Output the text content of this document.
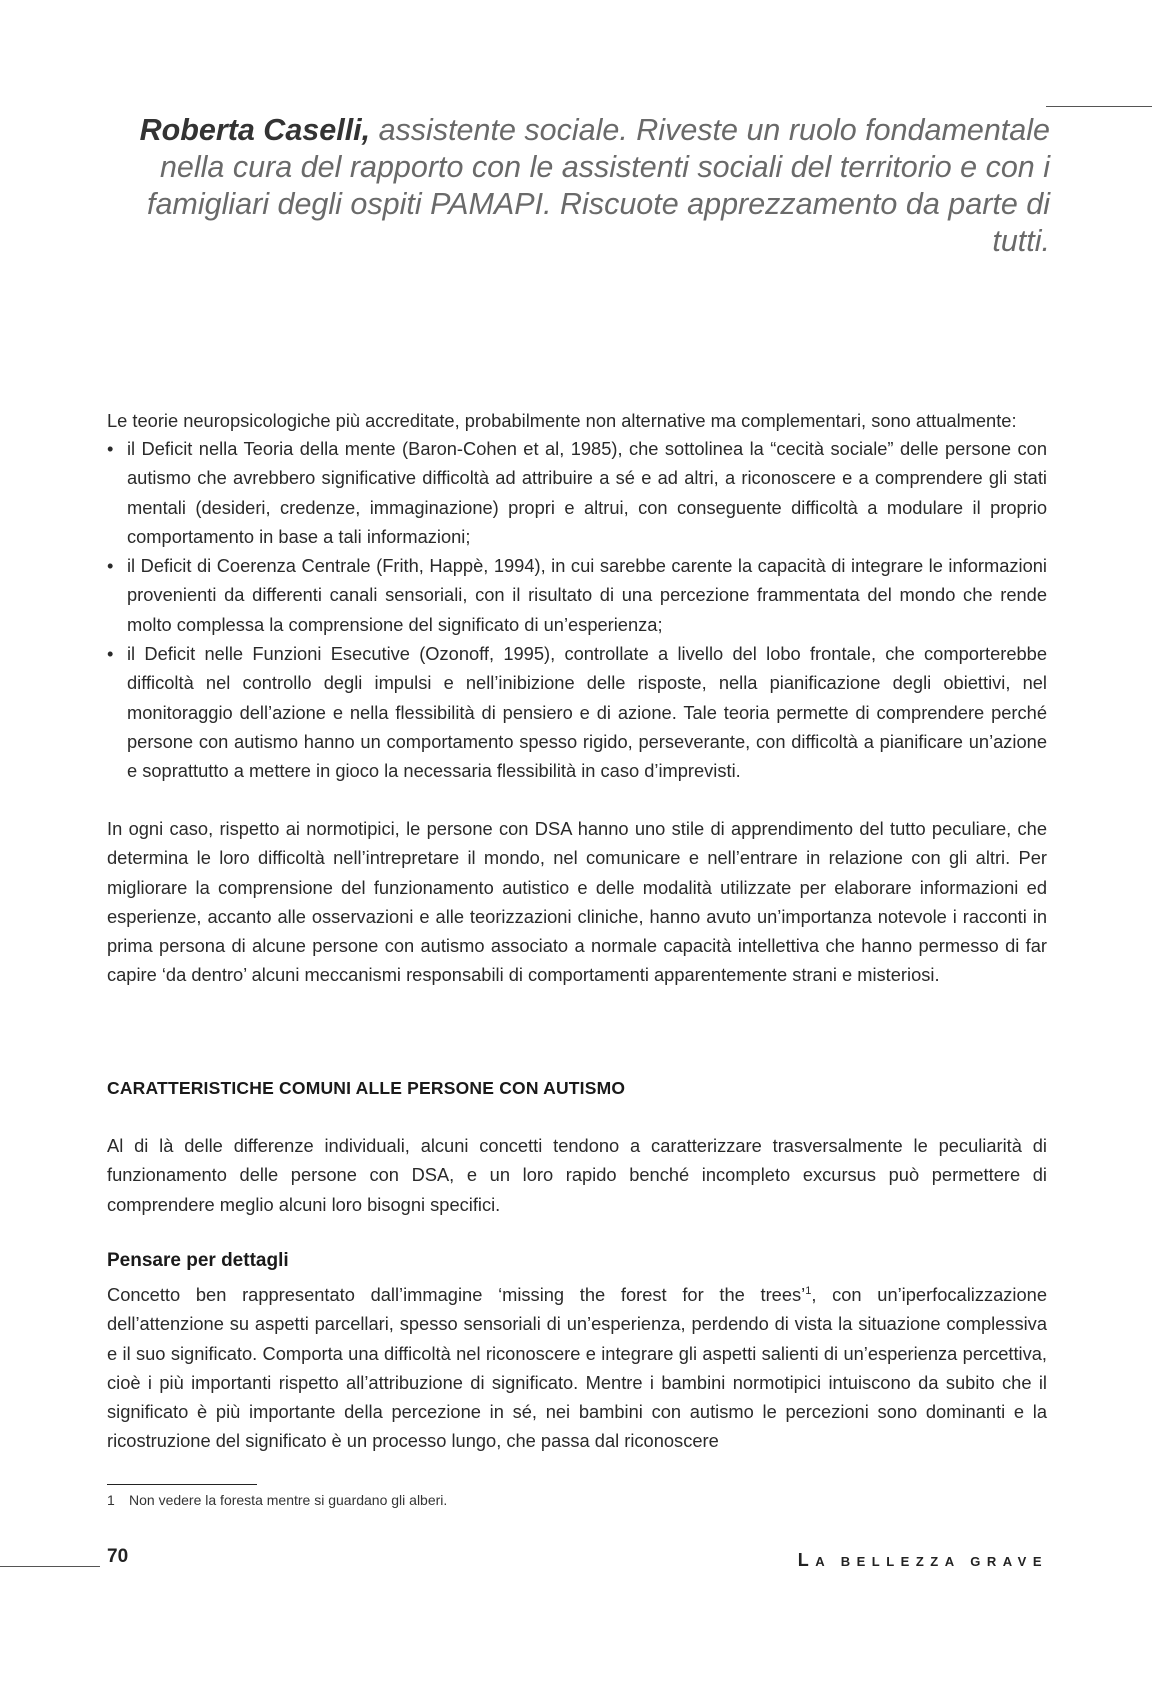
Roberta Caselli, assistente sociale. Riveste un ruolo fondamentale nella cura del rapporto con le assistenti sociali del territorio e con i famigliari degli ospiti PAMAPI. Riscuote apprezzamento da parte di tutti.
Le teorie neuropsicologiche più accreditate, probabilmente non alternative ma complementari, sono attualmente:
• il Deficit nella Teoria della mente (Baron-Cohen et al, 1985), che sottolinea la “cecità sociale” delle persone con autismo che avrebbero significative difficoltà ad attribuire a sé e ad altri, a riconoscere e a comprendere gli stati mentali (desideri, credenze, immaginazione) propri e altrui, con conseguente difficoltà a modulare il proprio comportamento in base a tali informazioni;
• il Deficit di Coerenza Centrale (Frith, Happè, 1994), in cui sarebbe carente la capacità di integrare le informazioni provenienti da differenti canali sensoriali, con il risultato di una percezione frammentata del mondo che rende molto complessa la comprensione del significato di un’esperienza;
• il Deficit nelle Funzioni Esecutive (Ozonoff, 1995), controllate a livello del lobo frontale, che comporterebbe difficoltà nel controllo degli impulsi e nell’inibizione delle risposte, nella pianificazione degli obiettivi, nel monitoraggio dell’azione e nella flessibilità di pensiero e di azione. Tale teoria permette di comprendere perché persone con autismo hanno un comportamento spesso rigido, perseverante, con difficoltà a pianificare un’azione e soprattutto a mettere in gioco la necessaria flessibilità in caso d’imprevisti.
In ogni caso, rispetto ai normotipici, le persone con DSA hanno uno stile di apprendimento del tutto peculiare, che determina le loro difficoltà nell’intrepretare il mondo, nel comunicare e nell’entrare in relazione con gli altri. Per migliorare la comprensione del funzionamento autistico e delle modalità utilizzate per elaborare informazioni ed esperienze, accanto alle osservazioni e alle teorizzazioni cliniche, hanno avuto un’importanza notevole i racconti in prima persona di alcune persone con autismo associato a normale capacità intellettiva che hanno permesso di far capire ‘da dentro’ alcuni meccanismi responsabili di comportamenti apparentemente strani e misteriosi.
CARATTERISTICHE COMUNI ALLE PERSONE CON AUTISMO
Al di là delle differenze individuali, alcuni concetti tendono a caratterizzare trasversalmente le peculiarità di funzionamento delle persone con DSA, e un loro rapido benché incompleto excursus può permettere di comprendere meglio alcuni loro bisogni specifici.
Pensare per dettagli
Concetto ben rappresentato dall’immagine ‘missing the forest for the trees’$^1$, con un’iperfocalizzazione dell’attenzione su aspetti parcellari, spesso sensoriali di un’esperienza, perdendo di vista la situazione complessiva e il suo significato. Comporta una difficoltà nel riconoscere e integrare gli aspetti salienti di un’esperienza percettiva, cioè i più importanti rispetto all’attribuzione di significato. Mentre i bambini normotipici intuiscono da subito che il significato è più importante della percezione in sé, nei bambini con autismo le percezioni sono dominanti e la ricostruzione del significato è un processo lungo, che passa dal riconoscere
1 Non vedere la foresta mentre si guardano gli alberi.
70	LA BELLEZZA GRAVE
